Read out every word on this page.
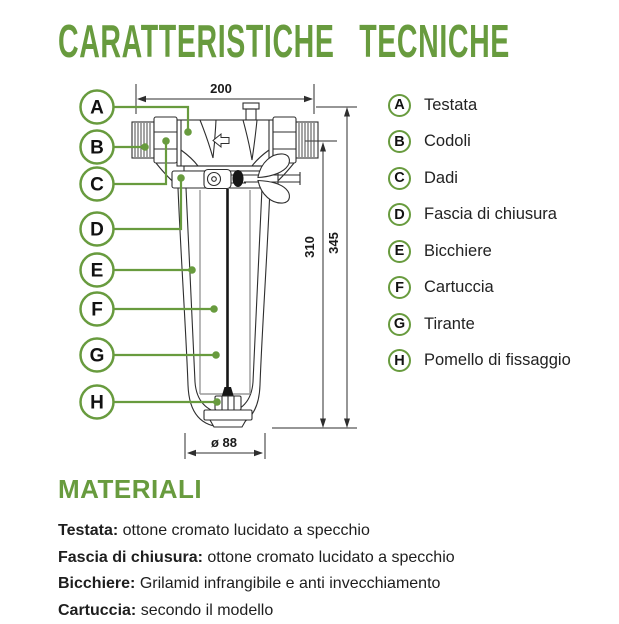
CARATTERISTICHE TECNICHE
200
310 345
ø 88
A
B
C
D
E
F
G
H
A	Testata
B	Codoli
C	Dadi
D	Fascia di chiusura
E	Bicchiere
F	Cartuccia
G	Tirante
H	Pomello di fissaggio
MATERIALI
Testata: ottone cromato lucidato a specchio
Fascia di chiusura: ottone cromato lucidato a specchio
Bicchiere: Grilamid infrangibile e anti invecchiamento
Cartuccia: secondo il modello
